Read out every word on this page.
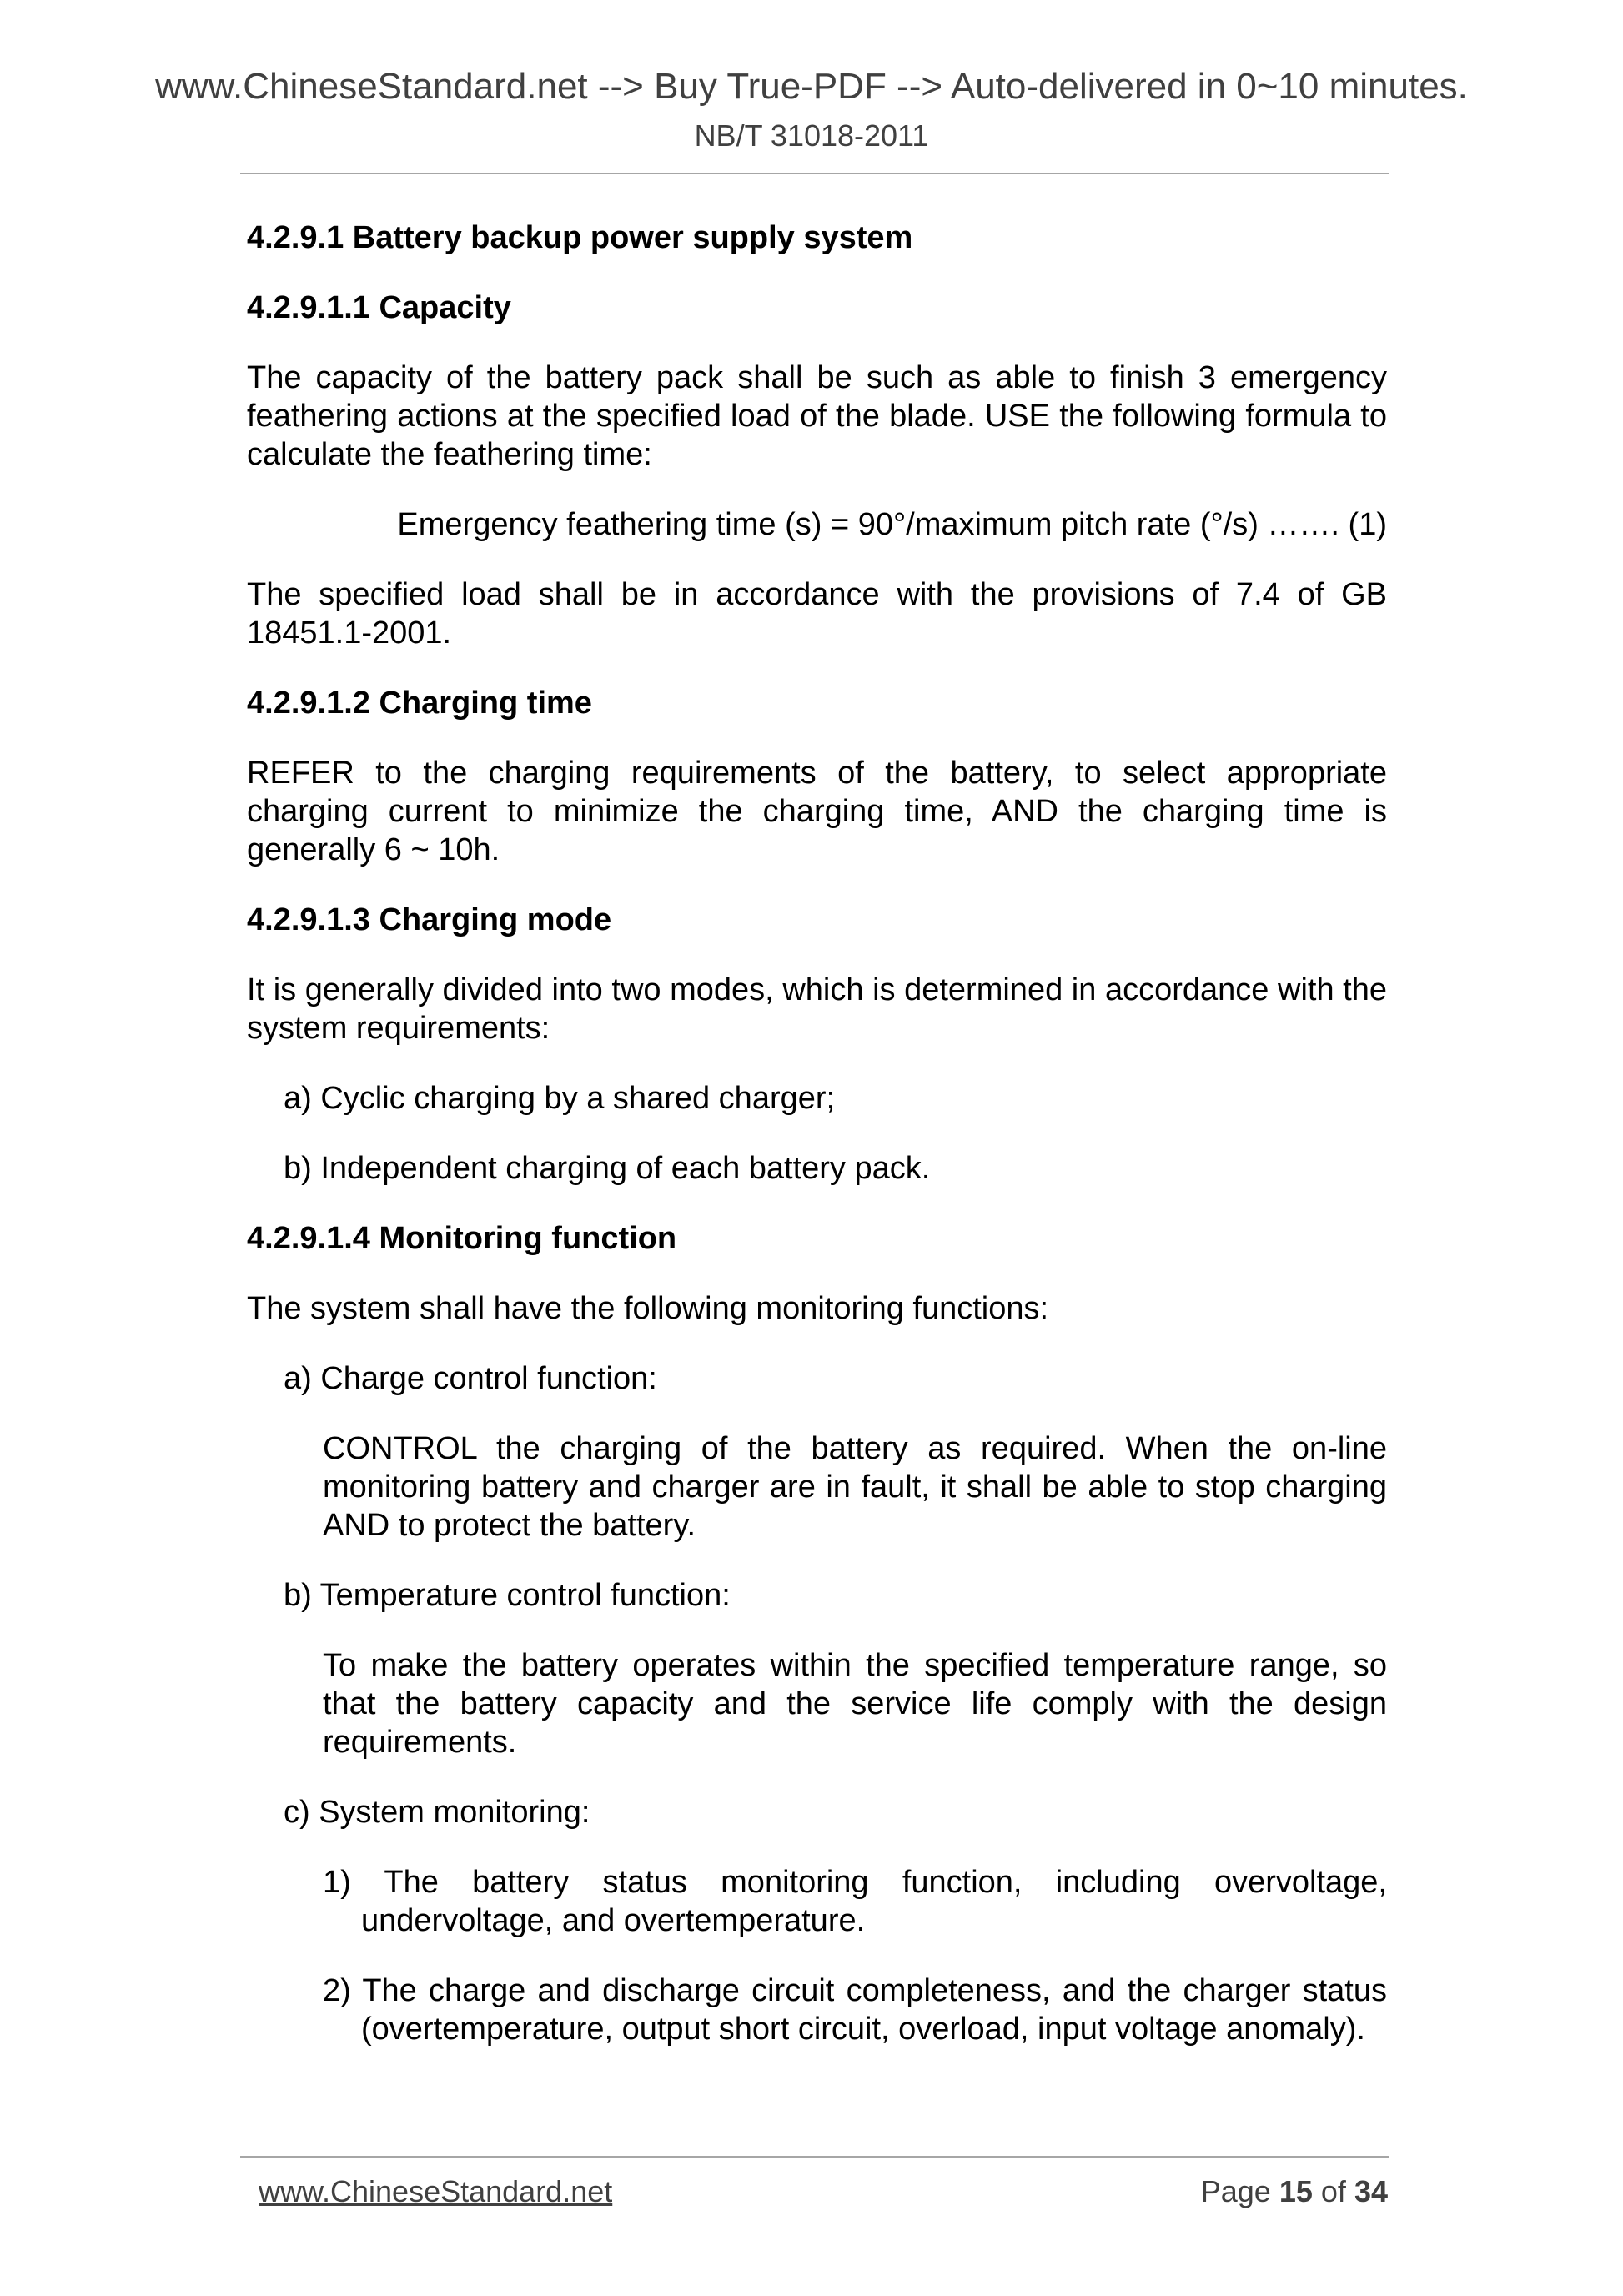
www.ChineseStandard.net --> Buy True-PDF --> Auto-delivered in 0~10 minutes.
NB/T 31018-2011

4.2.9.1 Battery backup power supply system

4.2.9.1.1 Capacity

The capacity of the battery pack shall be such as able to finish 3 emergency feathering actions at the specified load of the blade. USE the following formula to calculate the feathering time:

Emergency feathering time (s) = 90°/maximum pitch rate (°/s) ……. (1)

The specified load shall be in accordance with the provisions of 7.4 of GB 18451.1-2001.

4.2.9.1.2 Charging time

REFER to the charging requirements of the battery, to select appropriate charging current to minimize the charging time, AND the charging time is generally 6 ~ 10h.

4.2.9.1.3 Charging mode

It is generally divided into two modes, which is determined in accordance with the system requirements:

a) Cyclic charging by a shared charger;

b) Independent charging of each battery pack.

4.2.9.1.4 Monitoring function

The system shall have the following monitoring functions:

a) Charge control function:

CONTROL the charging of the battery as required. When the on-line monitoring battery and charger are in fault, it shall be able to stop charging AND to protect the battery.

b) Temperature control function:

To make the battery operates within the specified temperature range, so that the battery capacity and the service life comply with the design requirements.

c) System monitoring:

1) The battery status monitoring function, including overvoltage, undervoltage, and overtemperature.

2) The charge and discharge circuit completeness, and the charger status (overtemperature, output short circuit, overload, input voltage anomaly).

www.ChineseStandard.net	Page 15 of 34
